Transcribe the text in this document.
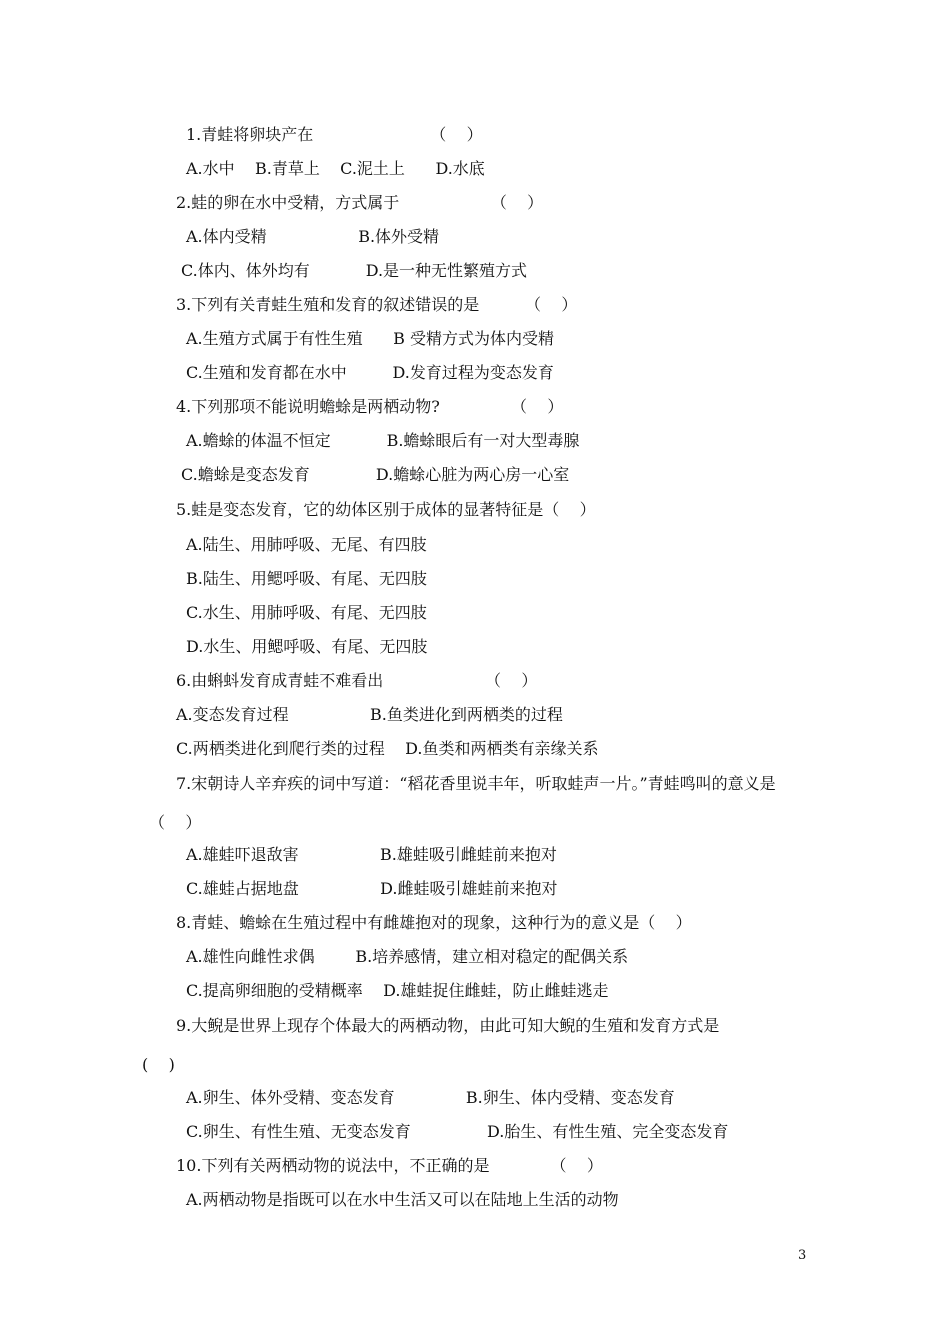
1.青蛙将卵块产在                       （    ）
A.水中    B.青草上    C.泥土上      D.水底
2.蛙的卵在水中受精，方式属于                  （    ）
A.体内受精                  B.体外受精
C.体内、体外均有           D.是一种无性繁殖方式
3.下列有关青蛙生殖和发育的叙述错误的是         （    ）
A.生殖方式属于有性生殖      B 受精方式为体内受精
C.生殖和发育都在水中         D.发育过程为变态发育
4.下列那项不能说明蟾蜍是两栖动物?              （    ）
A.蟾蜍的体温不恒定           B.蟾蜍眼后有一对大型毒腺
C.蟾蜍是变态发育             D.蟾蜍心脏为两心房一心室
5.蛙是变态发育，它的幼体区别于成体的显著特征是（    ）
A.陆生、用肺呼吸、无尾、有四肢
B.陆生、用鳃呼吸、有尾、无四肢
C.水生、用肺呼吸、有尾、无四肢
D.水生、用鳃呼吸、有尾、无四肢
6.由蝌蚪发育成青蛙不难看出                    （    ）
A.变态发育过程                B.鱼类进化到两栖类的过程
C.两栖类进化到爬行类的过程    D.鱼类和两栖类有亲缘关系
7.宋朝诗人辛弃疾的词中写道：“稻花香里说丰年，听取蛙声一片。”青蛙鸣叫的意义是
（    ）
A.雄蛙吓退敌害                B.雄蛙吸引雌蛙前来抱对
C.雄蛙占据地盘                D.雌蛙吸引雄蛙前来抱对
8.青蛙、蟾蜍在生殖过程中有雌雄抱对的现象，这种行为的意义是（    ）
A.雄性向雌性求偶        B.培养感情，建立相对稳定的配偶关系
C.提高卵细胞的受精概率    D.雄蛙捉住雌蛙，防止雌蛙逃走
9.大鲵是世界上现存个体最大的两栖动物，由此可知大鲵的生殖和发育方式是
(    )
A.卵生、体外受精、变态发育              B.卵生、体内受精、变态发育
C.卵生、有性生殖、无变态发育               D.胎生、有性生殖、完全变态发育
10.下列有关两栖动物的说法中，不正确的是            （    ）
A.两栖动物是指既可以在水中生活又可以在陆地上生活的动物
3
